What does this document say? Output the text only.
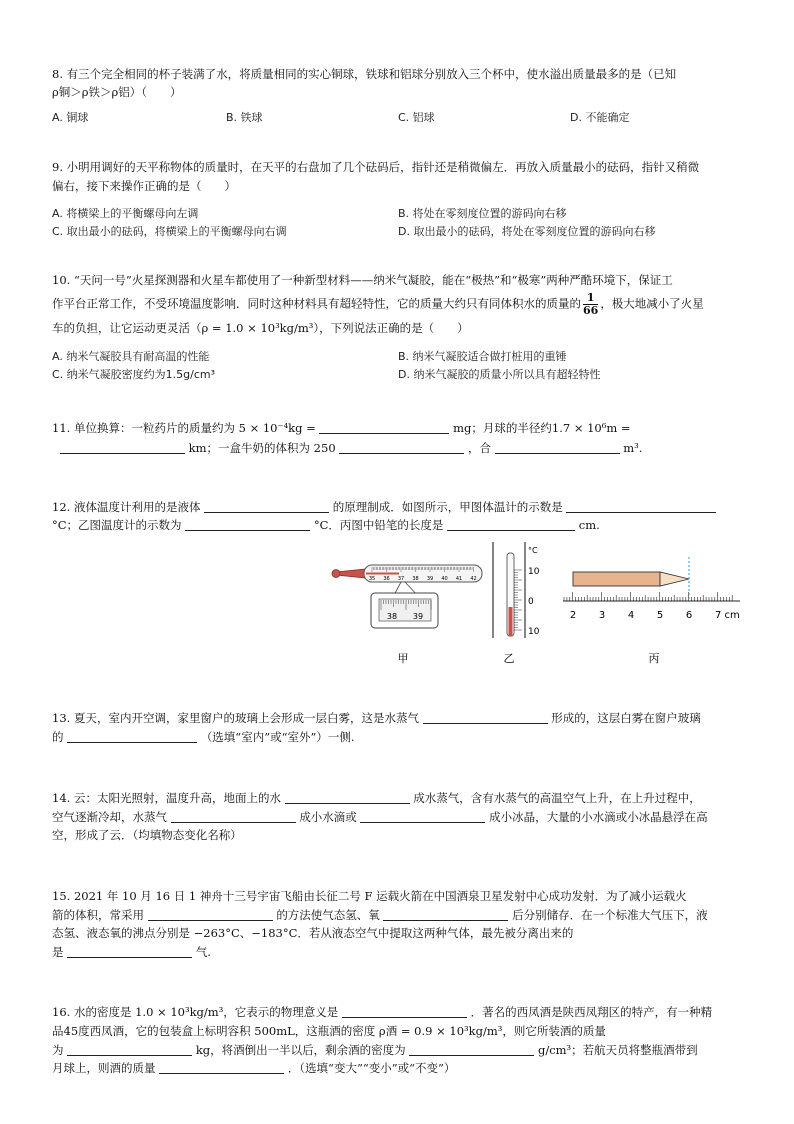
8. 有三个完全相同的杯子装满了水，将质量相同的实心铜球，铁球和铝球分别放入三个杯中，使水溢出质量最多的是（已知
ρ铜＞ρ铁＞ρ铝）（　　）
A. 铜球	B. 铁球	C. 铝球	D. 不能确定
9. 小明用调好的天平称物体的质量时，在天平的右盘加了几个砝码后，指针还是稍微偏左．再放入质量最小的砝码，指针又稍微
偏右，接下来操作正确的是（　　）
A. 将横梁上的平衡螺母向左调	B. 将处在零刻度位置的游码向右移
C. 取出最小的砝码，将横梁上的平衡螺母向右调	D. 取出最小的砝码，将处在零刻度位置的游码向右移
10. “天问一号”火星探测器和火星车都使用了一种新型材料——纳米气凝胶，能在“极热”和“极寒”两种严酷环境下，保证工
作平台正常工作，不受环境温度影响．同时这种材料具有超轻特性，它的质量大约只有同体积水的质量的 $\frac{1}{66}$ ，极大地减小了火星
车的负担，让它运动更灵活（ρ = 1.0 × 10³kg/m³），下列说法正确的是（　　）
A. 纳米气凝胶具有耐高温的性能	B. 纳米气凝胶适合做打桩用的重锤
C. 纳米气凝胶密度约为1.5g/cm³	D. 纳米气凝胶的质量小所以具有超轻特性
11. 单位换算：一粒药片的质量约为 5 × 10⁻⁴kg =	mg；月球的半径约1.7 × 10⁶m =
km；一盒牛奶的体积为 250	，合	m³.
12. 液体温度计利用的是液体	的原理制成．如图所示，甲图体温计的示数是
°C；乙图温度计的示数为	°C．丙图中铅笔的长度是	cm.
35 36 37 38 39 40 41 42
38 39
°C
10
0
10
2 3 4 5 6 7 cm
甲	乙	丙
13. 夏天，室内开空调，家里窗户的玻璃上会形成一层白雾，这是水蒸气	形成的，这层白雾在窗户玻璃
的	（选填“室内”或“室外”）一侧.
14. 云：太阳光照射，温度升高，地面上的水	成水蒸气，含有水蒸气的高温空气上升，在上升过程中，
空气逐渐冷却，水蒸气	成小水滴或	成小冰晶，大量的小水滴或小冰晶悬浮在高
空，形成了云．（均填物态变化名称）
15. 2021 年 10 月 16 日 1 神舟十三号宇宙飞船由长征二号 F 运载火箭在中国酒泉卫星发射中心成功发射．为了减小运载火
箭的体积，常采用	的方法使气态氢、氧	后分别储存．在一个标准大气压下，液
态氢、液态氧的沸点分别是 −263°C、−183°C．若从液态空气中提取这两种气体，最先被分离出来的
是	气.
16. 水的密度是 1.0 × 10³kg/m³，它表示的物理意义是	．著名的西凤酒是陕西凤翔区的特产，有一种精
品45度西凤酒，它的包装盒上标明容积 500mL，这瓶酒的密度 ρ酒 = 0.9 × 10³kg/m³，则它所装酒的质量
为	kg，将酒倒出一半以后，剩余酒的密度为	g/cm³；若航天员将整瓶酒带到
月球上，则酒的质量	．（选填“变大”“变小”或“不变”）
